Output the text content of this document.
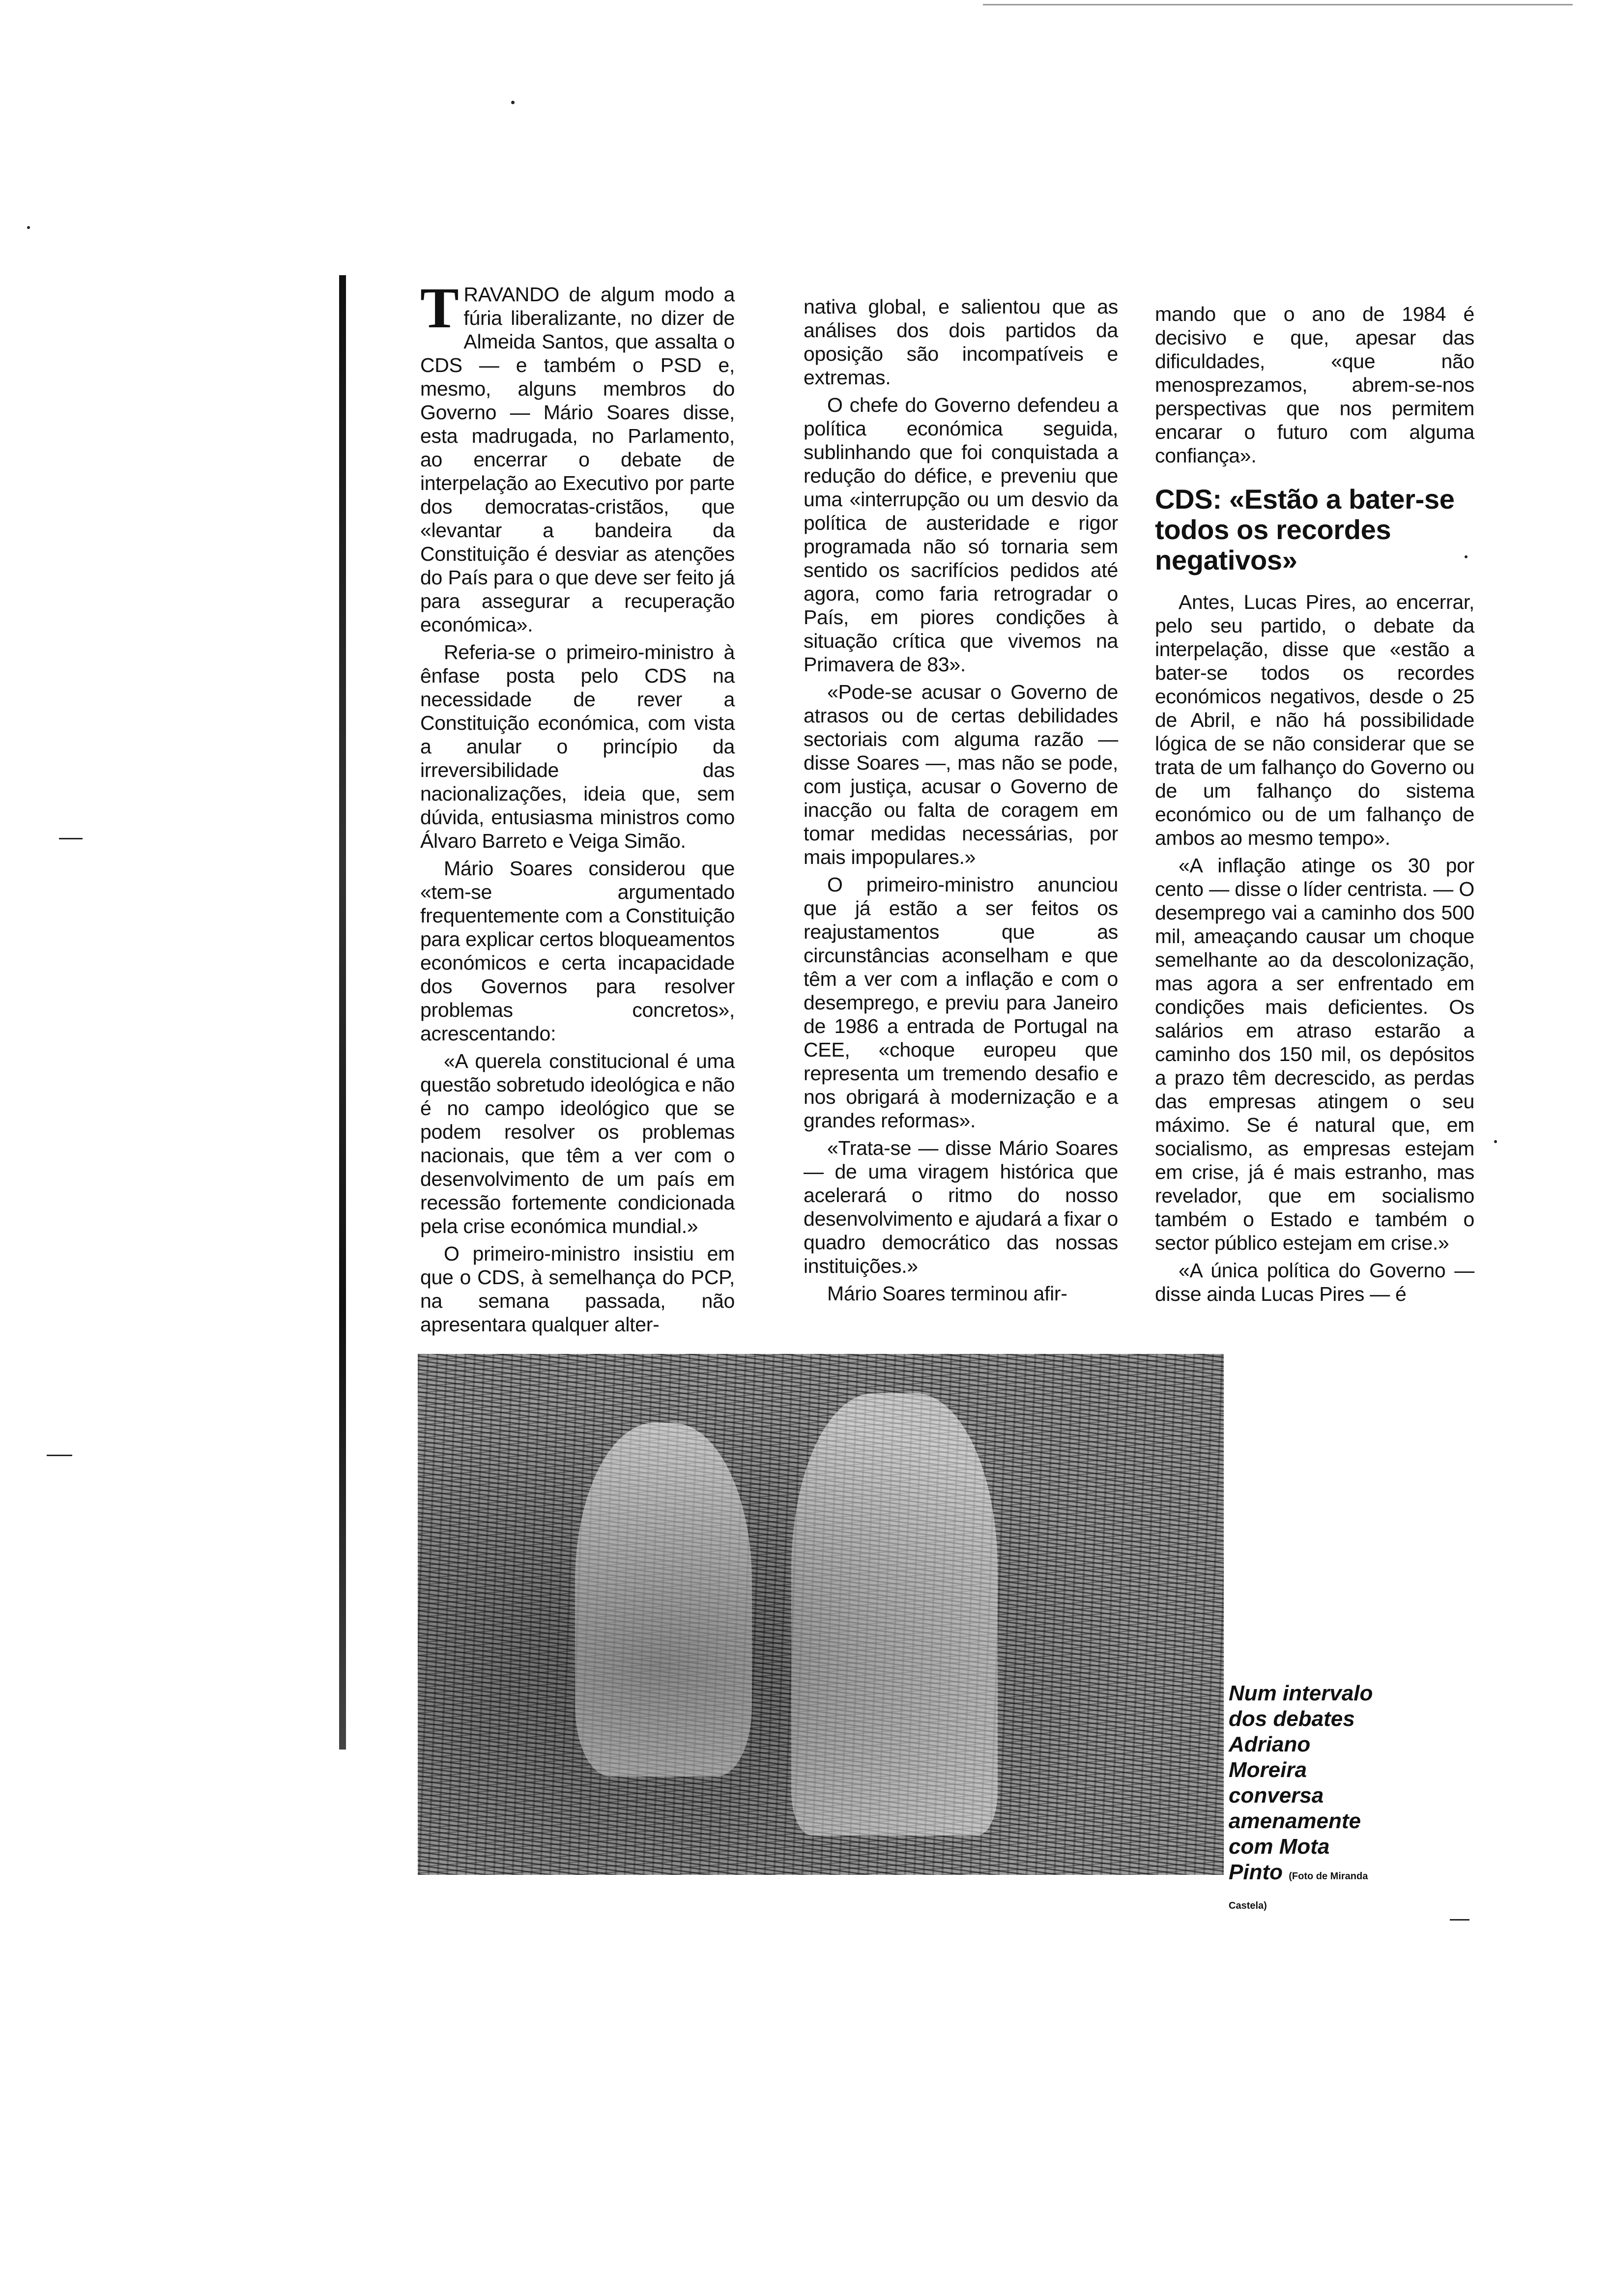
TRAVANDO de algum modo a fúria liberalizante, no dizer de Almeida Santos, que assalta o CDS — e também o PSD e, mesmo, alguns membros do Governo — Mário Soares disse, esta madrugada, no Parlamento, ao encerrar o debate de interpelação ao Executivo por parte dos democratas-cristãos, que «levantar a bandeira da Constituição é desviar as atenções do País para o que deve ser feito já para assegurar a recuperação económica».

Referia-se o primeiro-ministro à ênfase posta pelo CDS na necessidade de rever a Constituição económica, com vista a anular o princípio da irreversibilidade das nacionalizações, ideia que, sem dúvida, entusiasma ministros como Álvaro Barreto e Veiga Simão.

Mário Soares considerou que «tem-se argumentado frequentemente com a Constituição para explicar certos bloqueamentos económicos e certa incapacidade dos Governos para resolver problemas concretos», acrescentando:

«A querela constitucional é uma questão sobretudo ideológica e não é no campo ideológico que se podem resolver os problemas nacionais, que têm a ver com o desenvolvimento de um país em recessão fortemente condicionada pela crise económica mundial.»

O primeiro-ministro insistiu em que o CDS, à semelhança do PCP, na semana passada, não apresentara qualquer alter-

nativa global, e salientou que as análises dos dois partidos da oposição são incompatíveis e extremas.

O chefe do Governo defendeu a política económica seguida, sublinhando que foi conquistada a redução do défice, e preveniu que uma «interrupção ou um desvio da política de austeridade e rigor programada não só tornaria sem sentido os sacrifícios pedidos até agora, como faria retrogradar o País, em piores condições à situação crítica que vivemos na Primavera de 83».

«Pode-se acusar o Governo de atrasos ou de certas debilidades sectoriais com alguma razão — disse Soares —, mas não se pode, com justiça, acusar o Governo de inacção ou falta de coragem em tomar medidas necessárias, por mais impopulares.»

O primeiro-ministro anunciou que já estão a ser feitos os reajustamentos que as circunstâncias aconselham e que têm a ver com a inflação e com o desemprego, e previu para Janeiro de 1986 a entrada de Portugal na CEE, «choque europeu que representa um tremendo desafio e nos obrigará à modernização e a grandes reformas».

«Trata-se — disse Mário Soares — de uma viragem histórica que acelerará o ritmo do nosso desenvolvimento e ajudará a fixar o quadro democrático das nossas instituições.»

Mário Soares terminou afir-

mando que o ano de 1984 é decisivo e que, apesar das dificuldades, «que não menosprezamos, abrem-se-nos perspectivas que nos permitem encarar o futuro com alguma confiança».

CDS: «Estão a bater-se todos os recordes negativos»

Antes, Lucas Pires, ao encerrar, pelo seu partido, o debate da interpelação, disse que «estão a bater-se todos os recordes económicos negativos, desde o 25 de Abril, e não há possibilidade lógica de se não considerar que se trata de um falhanço do Governo ou de um falhanço do sistema económico ou de um falhanço de ambos ao mesmo tempo».

«A inflação atinge os 30 por cento — disse o líder centrista. — O desemprego vai a caminho dos 500 mil, ameaçando causar um choque semelhante ao da descolonização, mas agora a ser enfrentado em condições mais deficientes. Os salários em atraso estarão a caminho dos 150 mil, os depósitos a prazo têm decrescido, as perdas das empresas atingem o seu máximo. Se é natural que, em socialismo, as empresas estejam em crise, já é mais estranho, mas revelador, que em socialismo também o Estado e também o sector público estejam em crise.»

«A única política do Governo — disse ainda Lucas Pires — é

Num intervalo dos debates Adriano Moreira conversa amenamente com Mota Pinto (Foto de Miranda Castela)
